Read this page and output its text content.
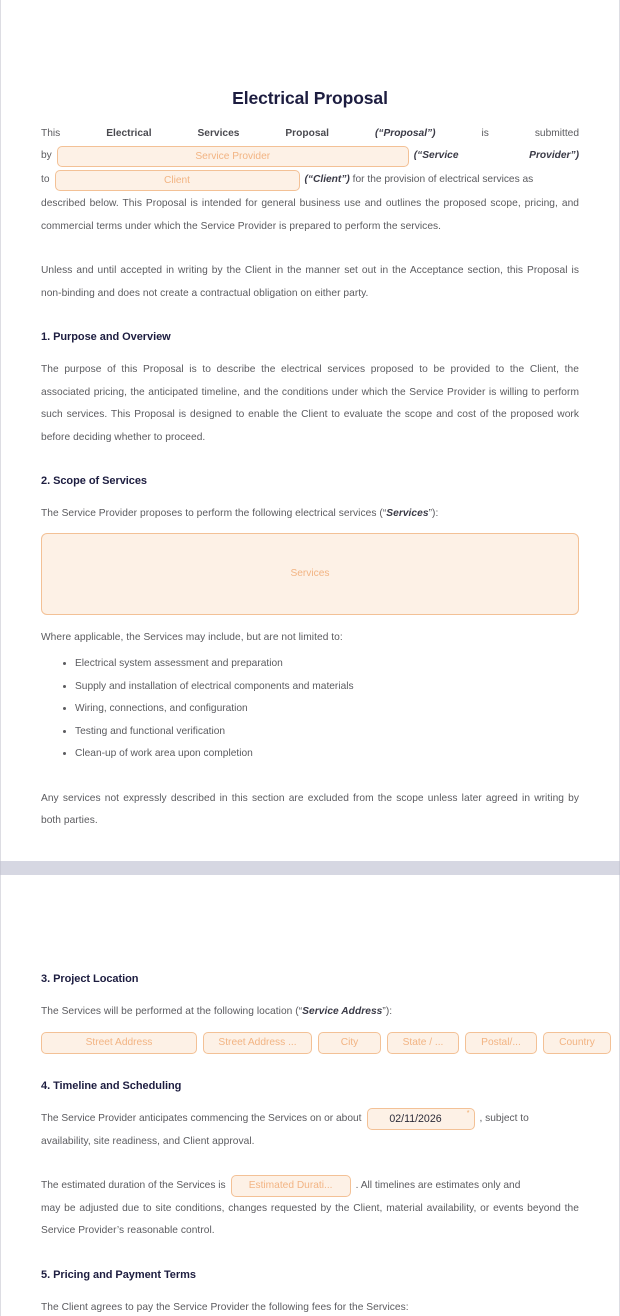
Electrical Proposal
This	Electrical	Services	Proposal	(“Proposal”)	is	submitted
by	Service Provider	(“Service	Provider”)
to	Client	(“Client”) for the provision of electrical services as

described below. This Proposal is intended for general business use and outlines the proposed scope, pricing, and commercial terms under which the Service Provider is prepared to perform the services.

Unless and until accepted in writing by the Client in the manner set out in the Acceptance section, this Proposal is non-binding and does not create a contractual obligation on either party.

1. Purpose and Overview

The purpose of this Proposal is to describe the electrical services proposed to be provided to the Client, the associated pricing, the anticipated timeline, and the conditions under which the Service Provider is willing to perform such services. This Proposal is designed to enable the Client to evaluate the scope and cost of the proposed work before deciding whether to proceed.

2. Scope of Services

The Service Provider proposes to perform the following electrical services (“Services”):

Services

Where applicable, the Services may include, but are not limited to:

• Electrical system assessment and preparation
• Supply and installation of electrical components and materials
• Wiring, connections, and configuration
• Testing and functional verification
• Clean-up of work area upon completion

Any services not expressly described in this section are excluded from the scope unless later agreed in writing by both parties.

3. Project Location

The Services will be performed at the following location (“Service Address”):

Street Address	Street Address ...	City	State / ...	Postal/...	Country
4. Timeline and Scheduling
The Service Provider anticipates commencing the Services on or about	02/11/2026	* , subject to

availability, site readiness, and Client approval.

The estimated duration of the Services is	Estimated Durati...	. All timelines are estimates only and

may be adjusted due to site conditions, changes requested by the Client, material availability, or events beyond the Service Provider’s reasonable control.

5. Pricing and Payment Terms

The Client agrees to pay the Service Provider the following fees for the Services:
